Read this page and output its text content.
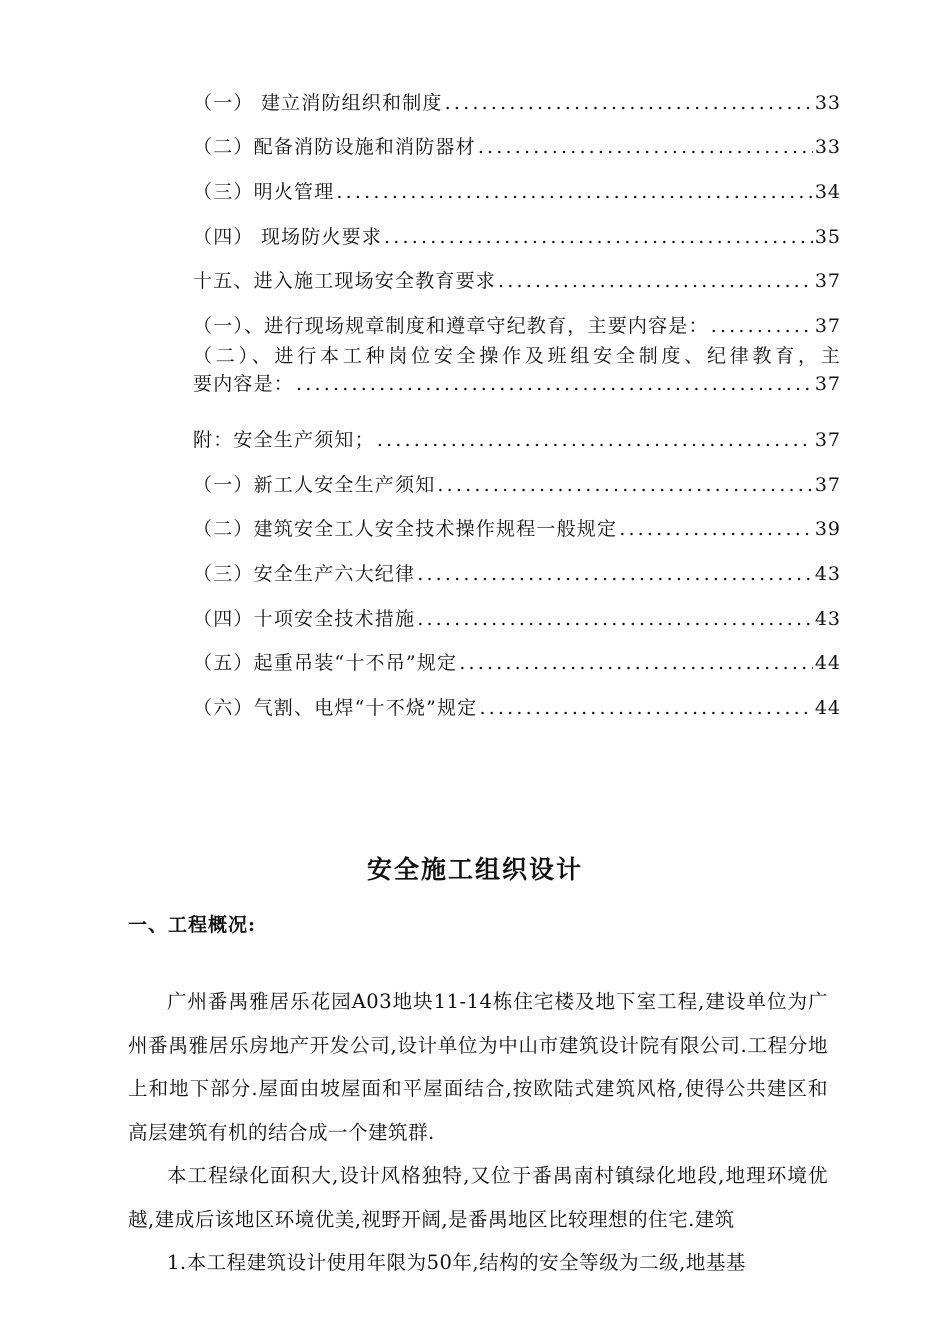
（一） 建立消防组织和制度 .....	33
（二）配备消防设施和消防器材 .....	33
（三）明火管理 .....	34
（四） 现场防火要求 .....	35
十五、进入施工现场安全教育要求 .....	37
（一）、进行现场规章制度和遵章守纪教育，主要内容是： .....	37
（二）、进行本工种岗位安全操作及班组安全制度、纪律教育，主
要内容是： .....	37
附：安全生产须知； .....	37
（一）新工人安全生产须知 .....	37
（二）建筑安全工人安全技术操作规程一般规定 .....	39
（三）安全生产六大纪律 .....	43
（四）十项安全技术措施 .....	43
（五）起重吊装“十不吊”规定 .....	44
（六）气割、电焊“十不烧”规定 .....	44
安全施工组织设计
一、工程概况:

广州番禺雅居乐花园A03地块11-14栋住宅楼及地下室工程,建设单位为广州番禺雅居乐房地产开发公司,设计单位为中山市建筑设计院有限公司.工程分地上和地下部分.屋面由坡屋面和平屋面结合,按欧陆式建筑风格,使得公共建区和高层建筑有机的结合成一个建筑群.

本工程绿化面积大,设计风格独特,又位于番禺南村镇绿化地段,地理环境优越,建成后该地区环境优美,视野开阔,是番禺地区比较理想的住宅.建筑

1.本工程建筑设计使用年限为50年,结构的安全等级为二级,地基基
